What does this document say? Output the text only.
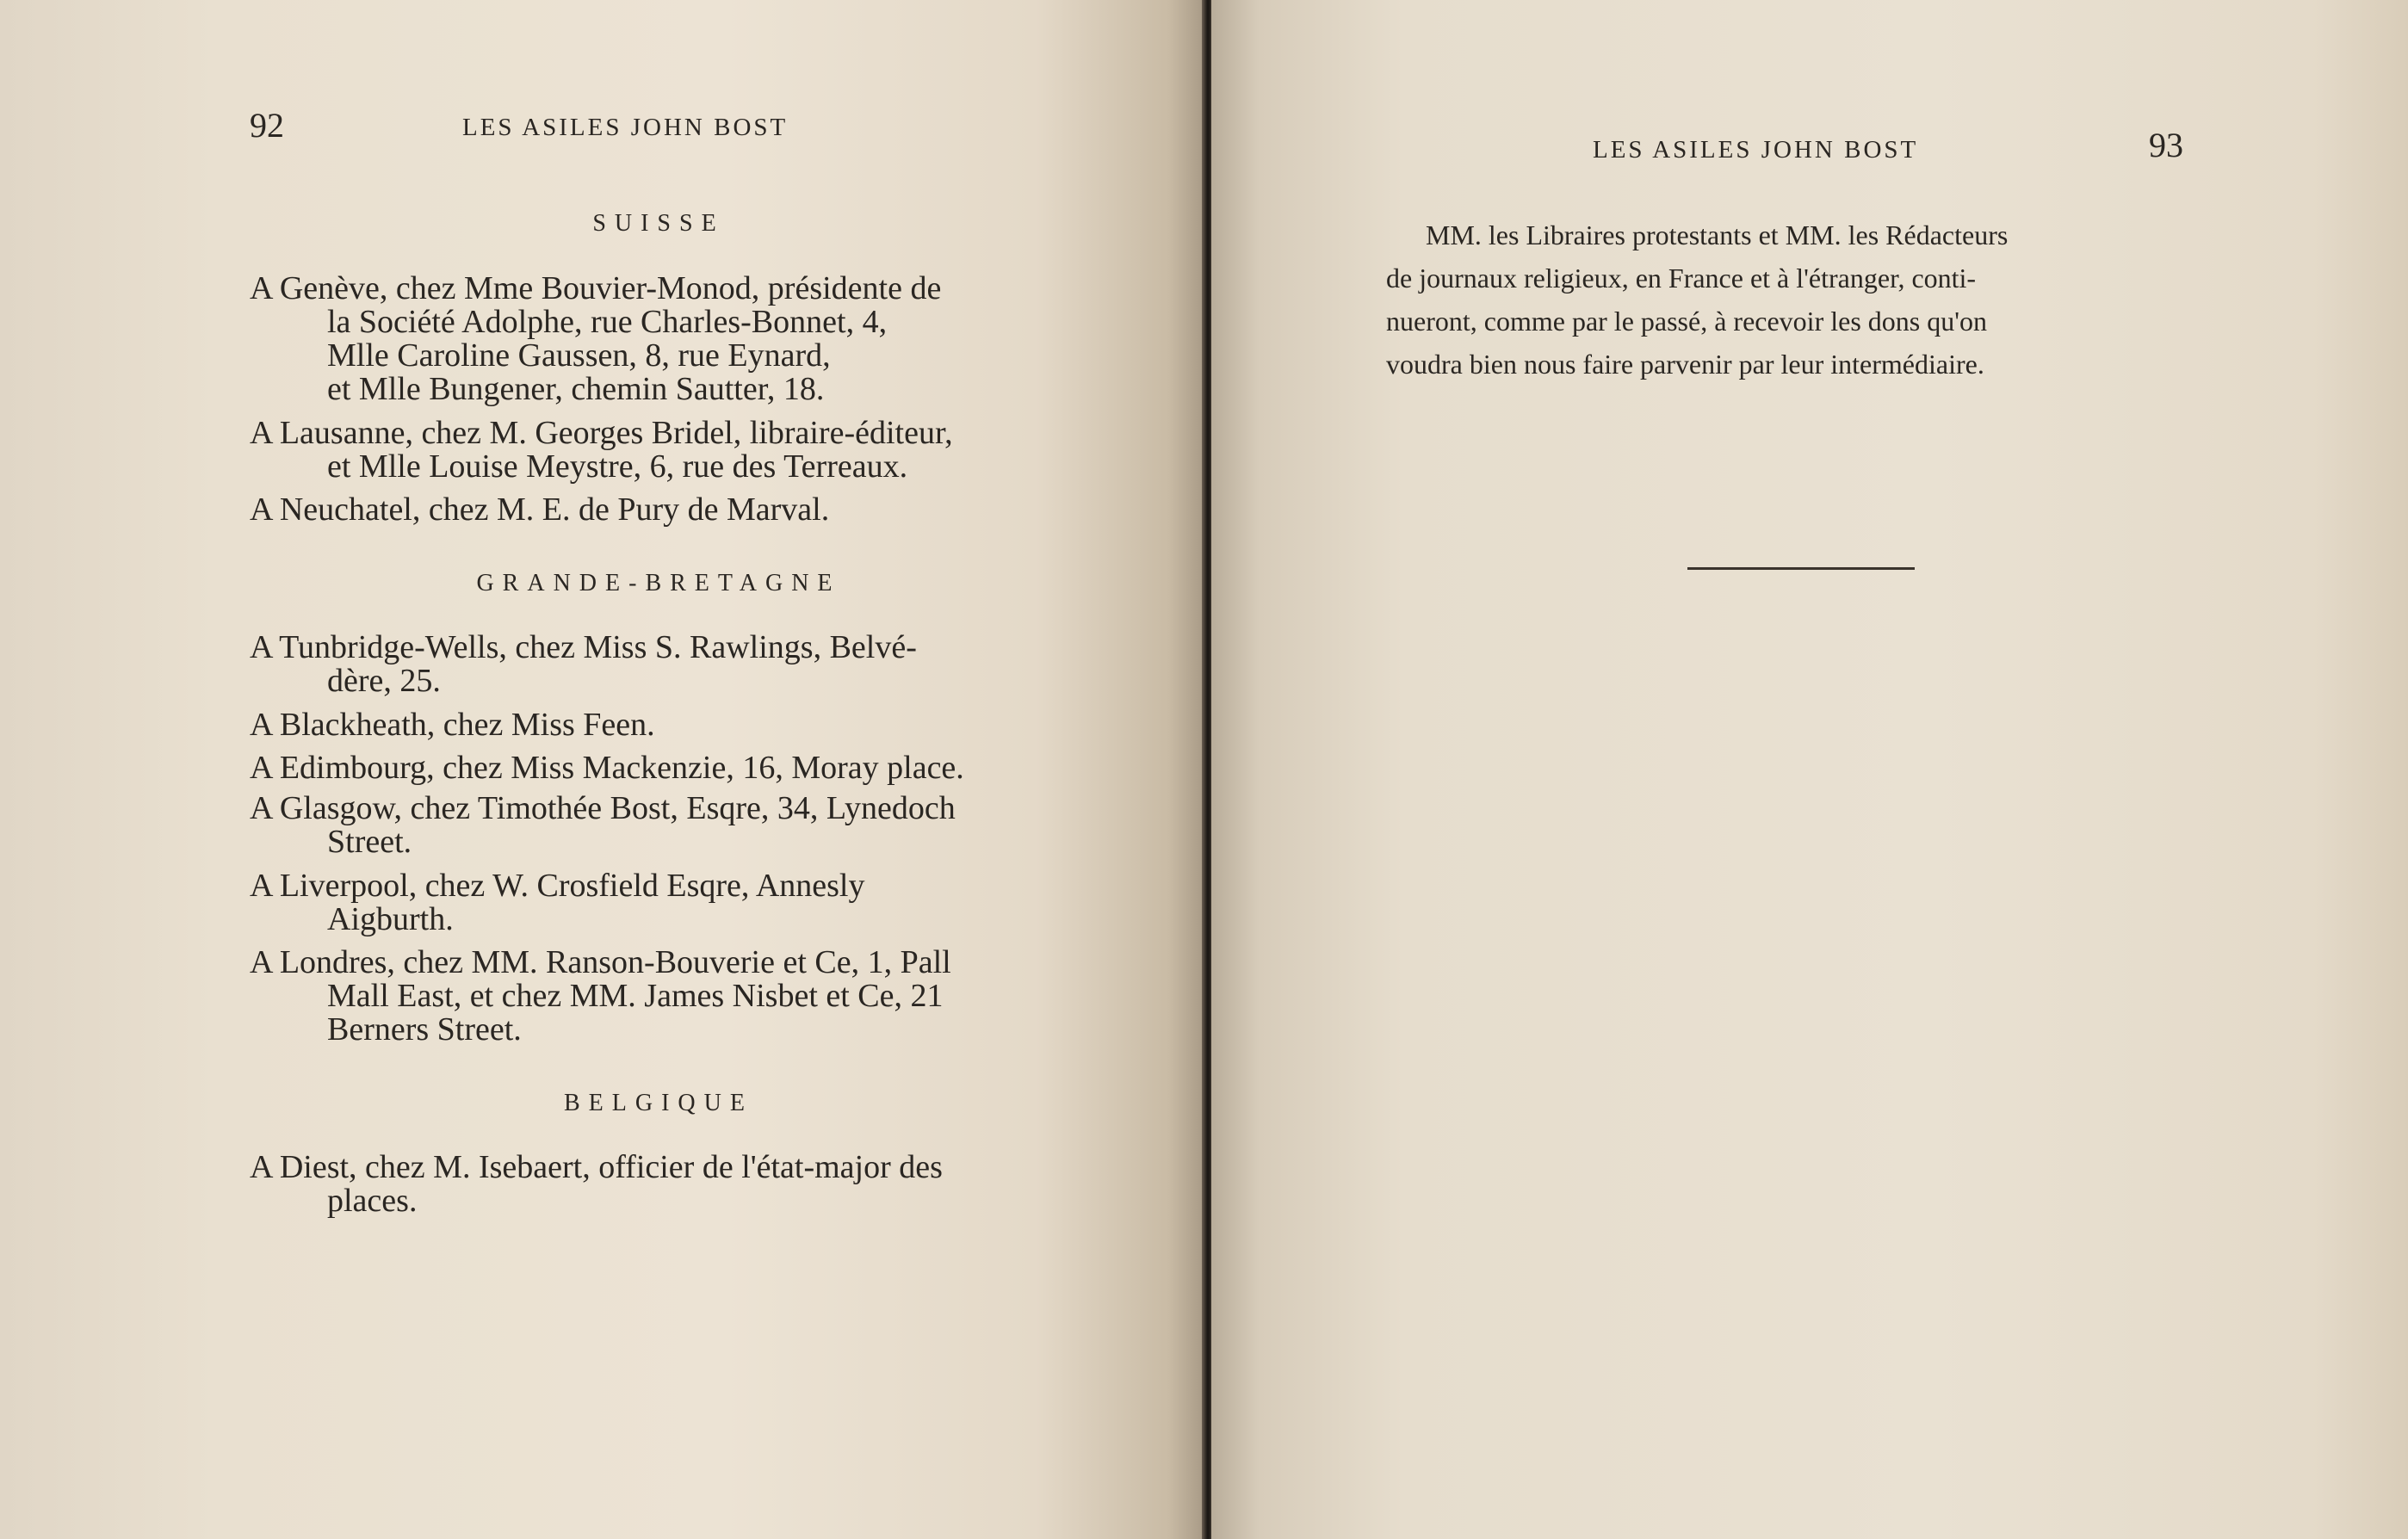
92	LES ASILES JOHN BOST
SUISSE
A Genève, chez Mme Bouvier-Monod, présidente de
la Société Adolphe, rue Charles-Bonnet, 4,
Mlle Caroline Gaussen, 8, rue Eynard,
et Mlle Bungener, chemin Sautter, 18.
A Lausanne, chez M. Georges Bridel, libraire-éditeur,
et Mlle Louise Meystre, 6, rue des Terreaux.
A Neuchatel, chez M. E. de Pury de Marval.
GRANDE-BRETAGNE
A Tunbridge-Wells, chez Miss S. Rawlings, Belvé-
dère, 25.
A Blackheath, chez Miss Feen.
A Edimbourg, chez Miss Mackenzie, 16, Moray place.
A Glasgow, chez Timothée Bost, Esqre, 34, Lynedoch
Street.
A Liverpool, chez W. Crosfield Esqre, Annesly
Aigburth.
A Londres, chez MM. Ranson-Bouverie et Ce, 1, Pall
Mall East, et chez MM. James Nisbet et Ce, 21
Berners Street.
BELGIQUE
A Diest, chez M. Isebaert, officier de l'état-major des
places.
LES ASILES JOHN BOST	93
MM. les Libraires protestants et MM. les Rédacteurs
de journaux religieux, en France et à l'étranger, conti-
nueront, comme par le passé, à recevoir les dons qu'on
voudra bien nous faire parvenir par leur intermédiaire.
